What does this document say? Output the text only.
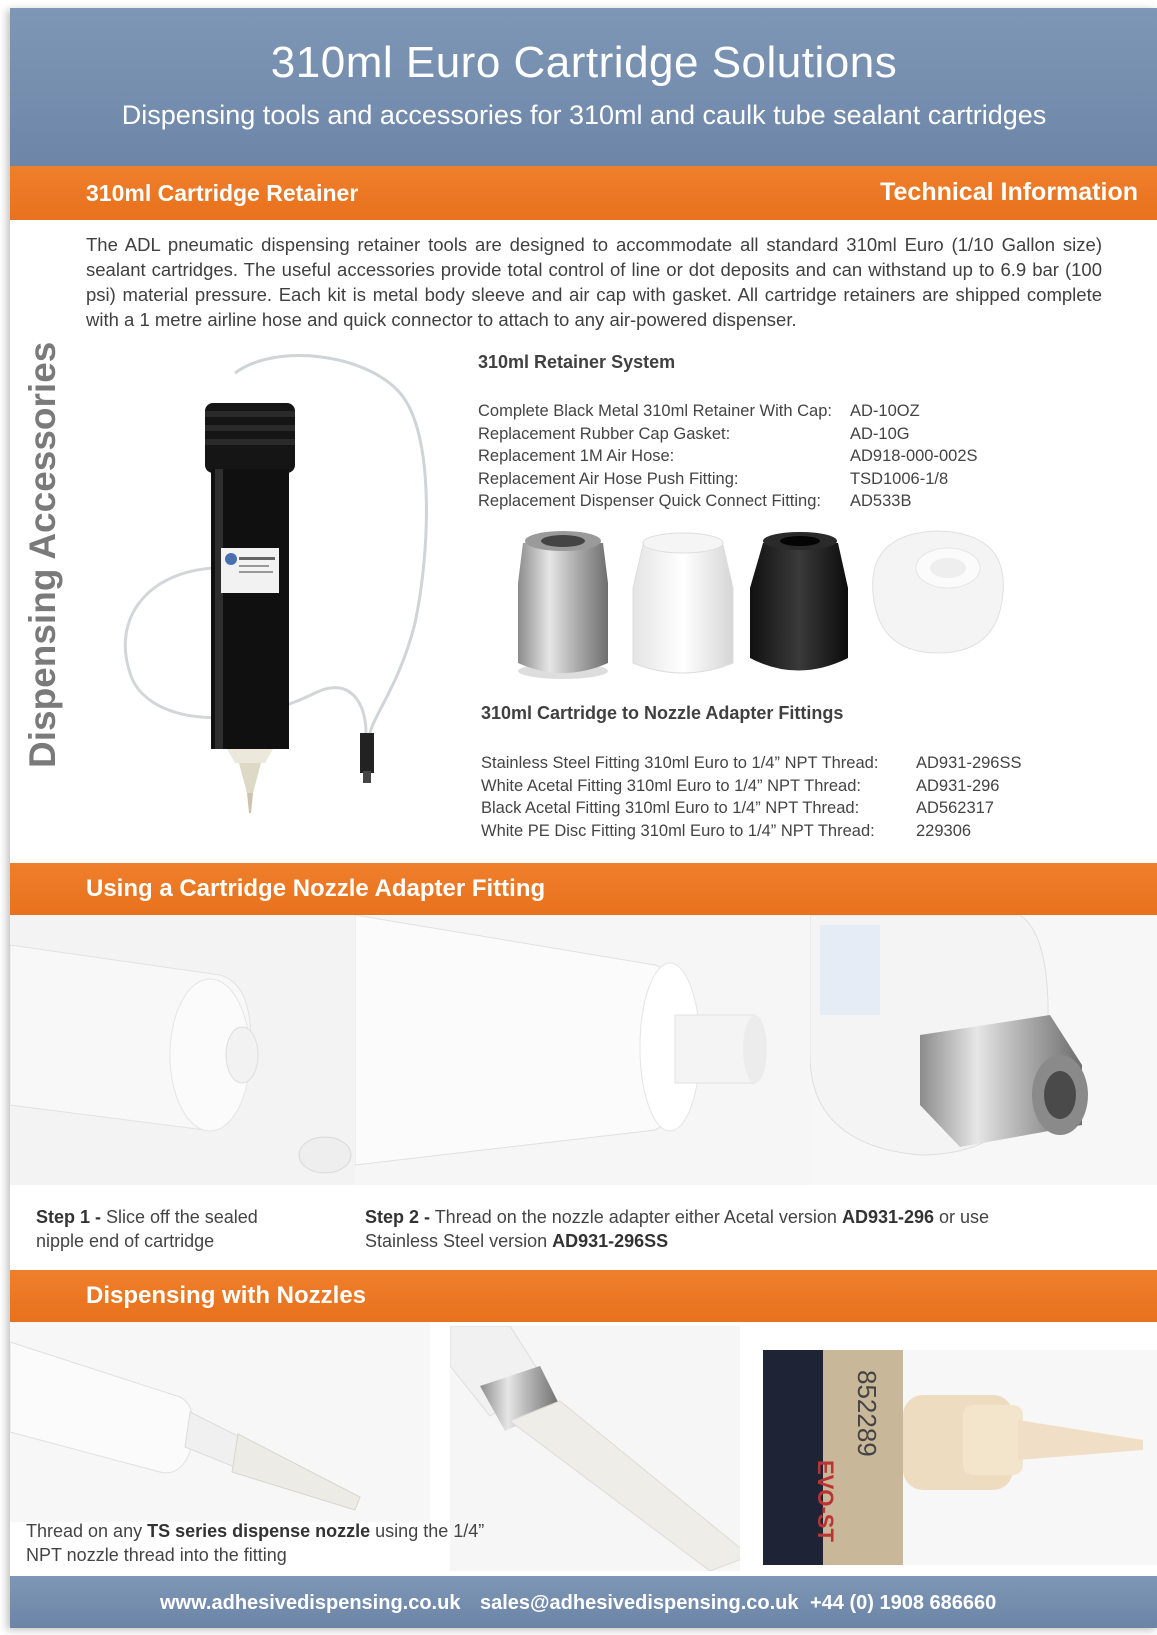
310ml Euro Cartridge Solutions
Dispensing tools and accessories for 310ml and caulk tube sealant cartridges
310ml Cartridge Retainer	Technical Information
Dispensing Accessories
The ADL pneumatic dispensing retainer tools are designed to accommodate all standard 310ml Euro (1/10 Gallon size) sealant cartridges. The useful accessories provide total control of line or dot deposits and can withstand up to 6.9 bar (100 psi) material pressure. Each kit is metal body sleeve and air cap with gasket. All cartridge retainers are shipped complete with a 1 metre airline hose and quick connector to attach to any air-powered dispenser.
310ml Retainer System
Complete Black Metal 310ml Retainer With Cap: AD-10OZ
Replacement Rubber Cap Gasket:	AD-10G
Replacement 1M Air Hose:	AD918-000-002S
Replacement Air Hose Push Fitting:	TSD1006-1/8
Replacement Dispenser Quick Connect Fitting: AD533B
310ml Cartridge to Nozzle Adapter Fittings
Stainless Steel Fitting 310ml Euro to 1/4” NPT Thread: AD931-296SS
White Acetal Fitting 310ml Euro to 1/4” NPT Thread:	AD931-296
Black Acetal Fitting 310ml Euro to 1/4” NPT Thread:	AD562317
White PE Disc Fitting 310ml Euro to 1/4” NPT Thread:	229306
Using a Cartridge Nozzle Adapter Fitting
Step 1 - Slice off the sealed nipple end of cartridge
Step 2 - Thread on the nozzle adapter either Acetal version AD931-296 or use Stainless Steel version AD931-296SS
Dispensing with Nozzles
EVO-ST
852289
Thread on any TS series dispense nozzle using the 1/4” NPT nozzle thread into the fitting
www.adhesivedispensing.co.uk sales@adhesivedispensing.co.uk +44 (0) 1908 686660
